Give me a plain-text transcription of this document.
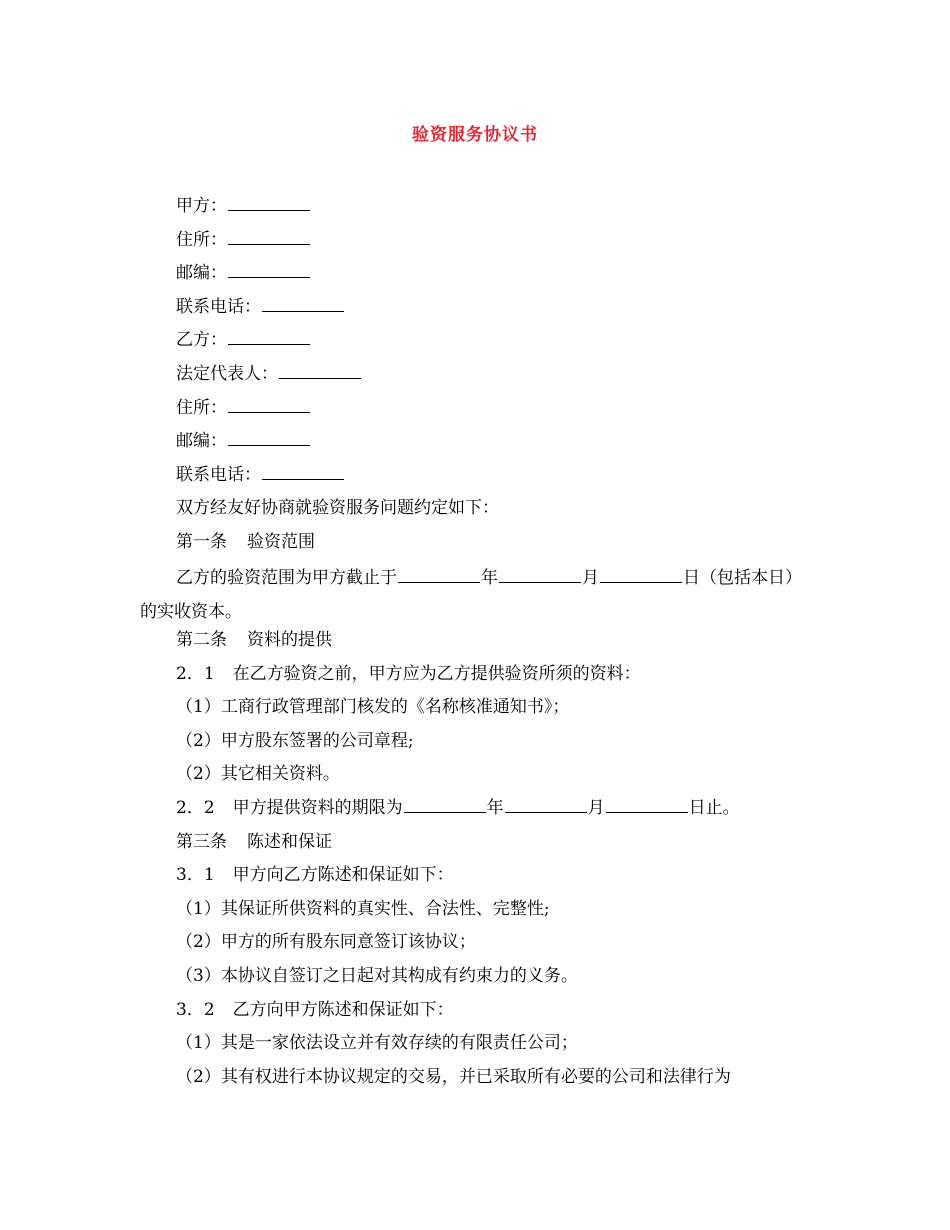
验资服务协议书
甲方：
住所：
邮编：
联系电话：
乙方：
法定代表人：
住所：
邮编：
联系电话：
双方经友好协商就验资服务问题约定如下：
第一条 验资范围
乙方的验资范围为甲方截止于	年	月	日（包括本日）的实收资本。
第二条 资料的提供
2．1 在乙方验资之前，甲方应为乙方提供验资所须的资料：
（1）工商行政管理部门核发的《名称核准通知书》；
（2）甲方股东签署的公司章程;
（2）其它相关资料。
2．2 甲方提供资料的期限为	年	月	日止。
第三条 陈述和保证
3．1 甲方向乙方陈述和保证如下：
（1）其保证所供资料的真实性、合法性、完整性;
（2）甲方的所有股东同意签订该协议；
（3）本协议自签订之日起对其构成有约束力的义务。
3．2 乙方向甲方陈述和保证如下：
（1）其是一家依法设立并有效存续的有限责任公司；
（2）其有权进行本协议规定的交易，并已采取所有必要的公司和法律行为
